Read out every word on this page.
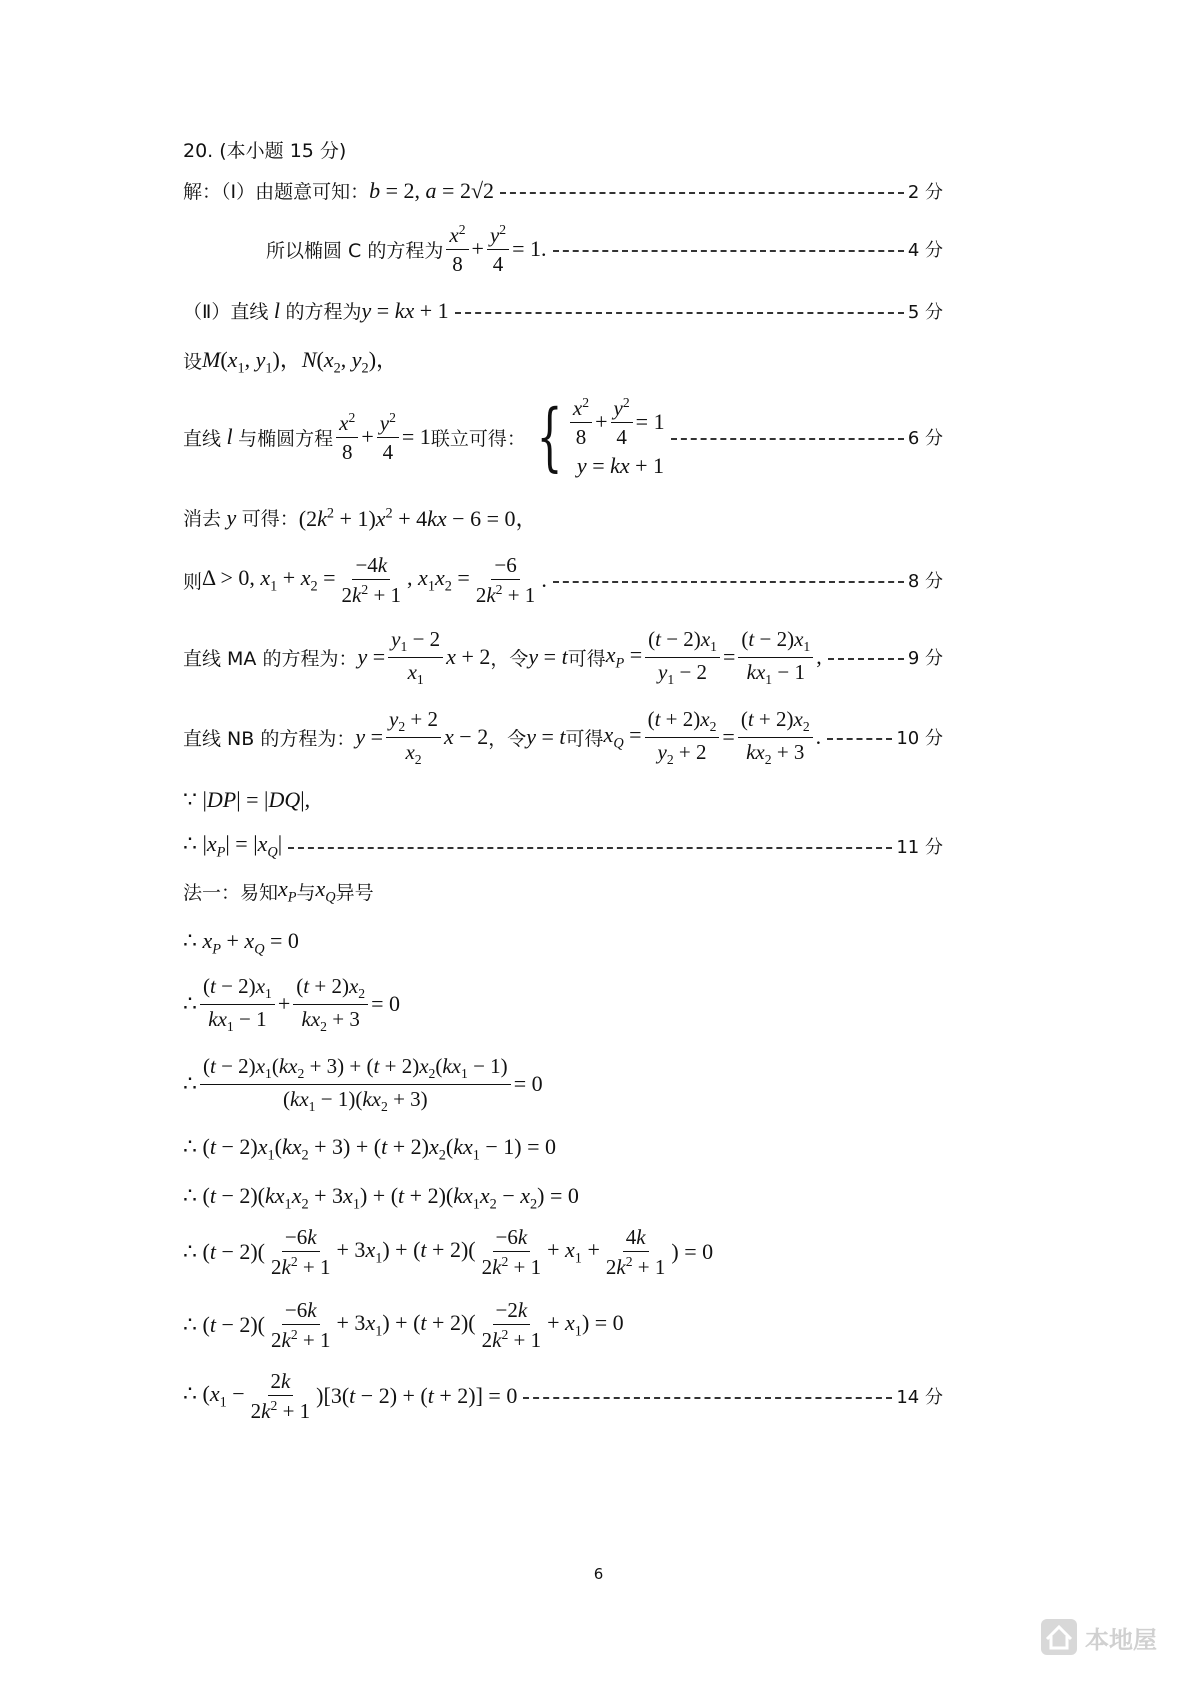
20. (本小题 15 分)
解：（Ⅰ）由题意可知： b = 2, a = 2√2	2 分
所以椭圆 C 的方程为 $\frac{x^2}{8} + \frac{y^2}{4} = 1$.	4 分
（Ⅱ）直线 l 的方程为 y = kx + 1	5 分
设 $M(x_1$, $y_1$)，$N(x_2$, $y_2$)，
直线 l 与椭圆方程 $\frac{x^2}{8} + \frac{y^2}{4} = 1$ 联立可得： { $\frac{x^2}{8} + \frac{y^2}{4} = 1$
y = kx + 1
6 分
消去 y 可得： $(2k^2 + 1)x^2 + 4kx - 6 = 0$，
则 Δ > 0, $x_1 + x_2 = \frac{-4k}{2k^2 + 1}$ , $x_1x_2 = \frac{-6}{2k^2 + 1}$ .	8 分
直线 MA 的方程为： $y = \frac{y_1 - 2}{x_1}$ x + 2 ，令 y = t 可得 $x_P = \frac{(t - 2)x_1}{y_1 - 2} = \frac{(t - 2)x_1}{kx_1 - 1}$ ,	9 分
直线 NB 的方程为： $y = \frac{y_2 + 2}{x_2}$ x − 2 ，令 y = t 可得 $x_Q = \frac{(t + 2)x_2}{y_2 + 2} = \frac{(t + 2)x_2}{kx_2 + 3}$ .	10 分
∵ |DP| = |DQ|,
∴ $|x_P| = |x_Q|$	11 分
法一：易知 $x_P$ 与 $x_Q$ 异号
∴ $x_P + x_Q = 0$
∴ $\frac{(t - 2)x_1}{kx_1 - 1} + \frac{(t + 2)x_2}{kx_2 + 3} = 0$
∴ $\frac{(t - 2)x_1(kx_2 + 3) + (t + 2)x_2(kx_1 - 1)}{(kx_1 - 1)(kx_2 + 3)} = 0$
∴ $(t - 2)x_1(kx_2 + 3) + (t + 2)x_2(kx_1 - 1) = 0$
∴ $(t - 2)(kx_1x_2 + 3x_1) + (t + 2)(kx_1x_2 - x_2) = 0$
∴ $(t - 2)( \frac{-6k}{2k^2 + 1} + 3x_1) + (t + 2)( \frac{-6k}{2k^2 + 1} + x_1 + \frac{4k}{2k^2 + 1}$ ) = 0
∴ $(t - 2)( \frac{-6k}{2k^2 + 1} + 3x_1) + (t + 2)( \frac{-2k}{2k^2 + 1} + x_1) = 0$
∴ $(x_1 - \frac{2k}{2k^2 + 1} )[3(t - 2) + (t + 2)] = 0$	14 分
6
本地屋
